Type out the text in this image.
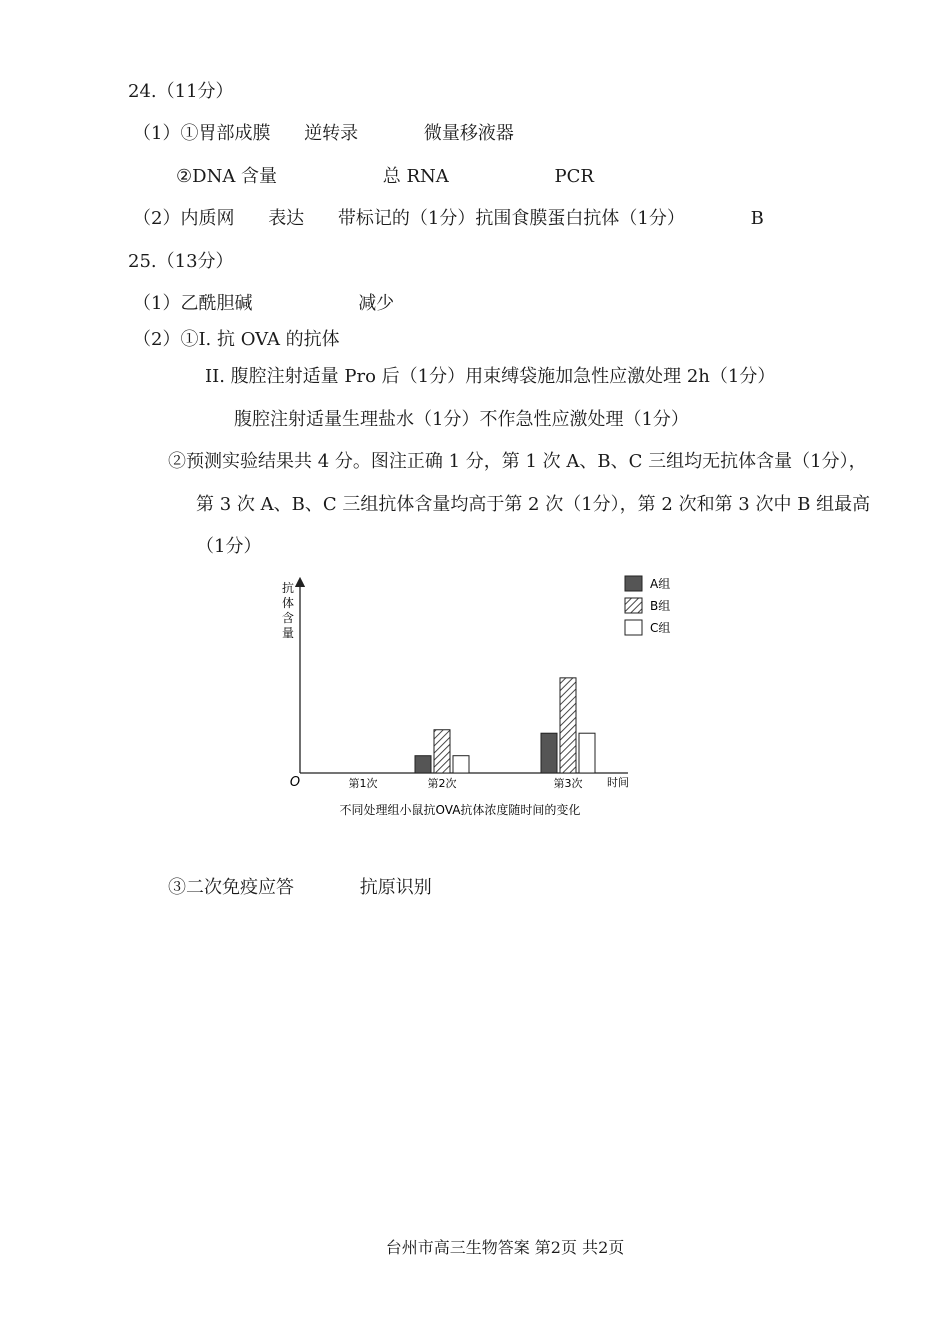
24.（11分）
（1）①胃部成膜 逆转录	微量移液器
②DNA 含量	总 RNA	PCR
（2）内质网 表达 带标记的（1分）抗围食膜蛋白抗体（1分）	B
25.（13分）
（1）乙酰胆碱	减少
（2）①I. 抗 OVA 的抗体
II. 腹腔注射适量 Pro 后（1分）用束缚袋施加急性应激处理 2h（1分）
腹腔注射适量生理盐水（1分）不作急性应激处理（1分）
②预测实验结果共 4 分。图注正确 1 分，第 1 次 A、B、C 三组均无抗体含量（1分），
第 3 次 A、B、C 三组抗体含量均高于第 2 次（1分），第 2 次和第 3 次中 B 组最高
（1分）
抗体含量
O	时间
第1次	第2次	第3次
A组
B组
C组
不同处理组小鼠抗OVA抗体浓度随时间的变化
③二次免疫应答	抗原识别
台州市高三生物答案 第2页 共2页
